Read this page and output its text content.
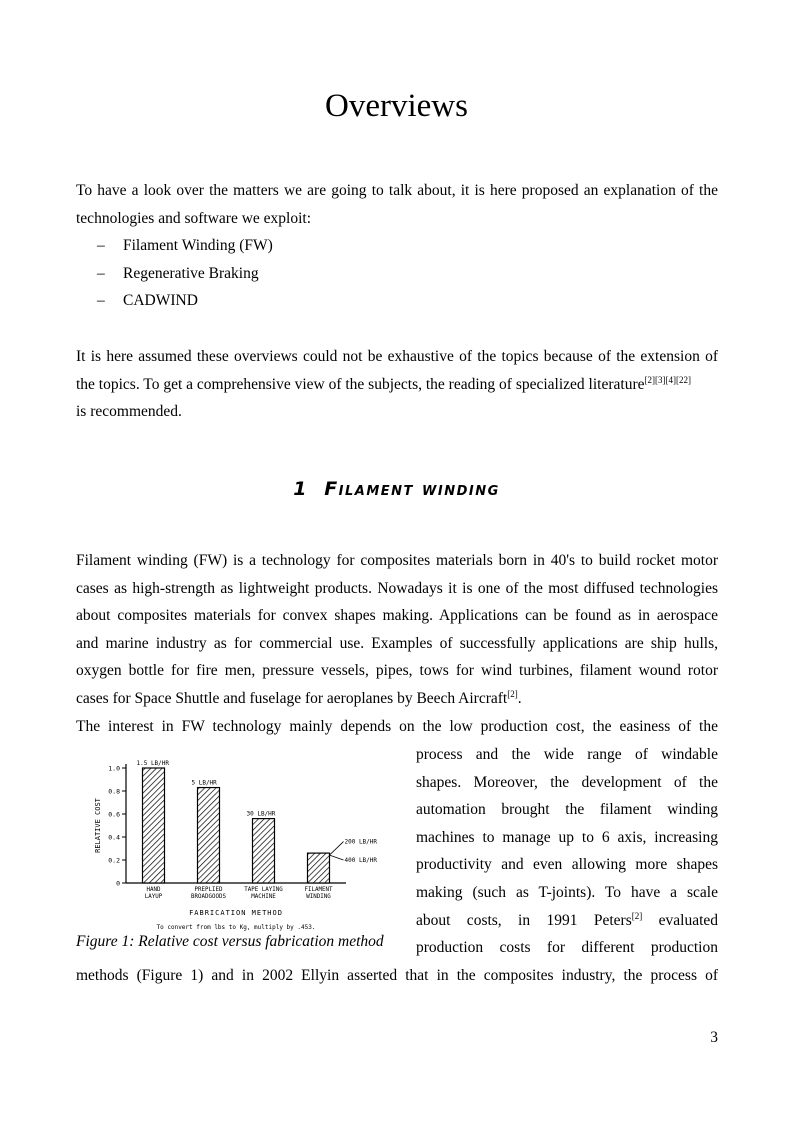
Overviews
To have a look over the matters we are going to talk about, it is here proposed an explanation of the
technologies and software we exploit:
– Filament Winding (FW)
– Regenerative Braking
– CADWIND
It is here assumed these overviews could not be exhaustive of the topics because of the extension of
the topics. To get a comprehensive view of the subjects, the reading of specialized literature[2][3][4][22]
is recommended.
1 Filament winding
Filament winding (FW) is a technology for composites materials born in 40's to build rocket motor
cases as high-strength as lightweight products. Nowadays it is one of the most diffused technologies
about composites materials for convex shapes making. Applications can be found as in aerospace
and marine industry as for commercial use. Examples of successfully applications are ship hulls,
oxygen bottle for fire men, pressure vessels, pipes, tows for wind turbines, filament wound rotor
cases for Space Shuttle and fuselage for aeroplanes by Beech Aircraft[2].
The interest in FW technology mainly depends on the low production cost, the easiness of the
process and the wide range of windable
shapes. Moreover, the development of the
automation brought the filament winding
machines to manage up to 6 axis, increasing
productivity and even allowing more shapes
making (such as T-joints). To have a scale
about costs, in 1991 Peters[2] evaluated
production costs for different production
methods (Figure 1) and in 2002 Ellyin asserted that in the composites industry, the process of
0
0.2
0.4
0.6
0.8
1.0
RELATIVE COST
1.5 LB/HR
HAND
LAYUP
5 LB/HR
PREPLIED
BROADGOODS
30 LB/HR
TAPE LAYING
MACHINE
FILAMENT
WINDING
200 LB/HR
400 LB/HR
FABRICATION METHOD
To convert from lbs to Kg, multiply by .453.

Figure 1: Relative cost versus fabrication method

3
